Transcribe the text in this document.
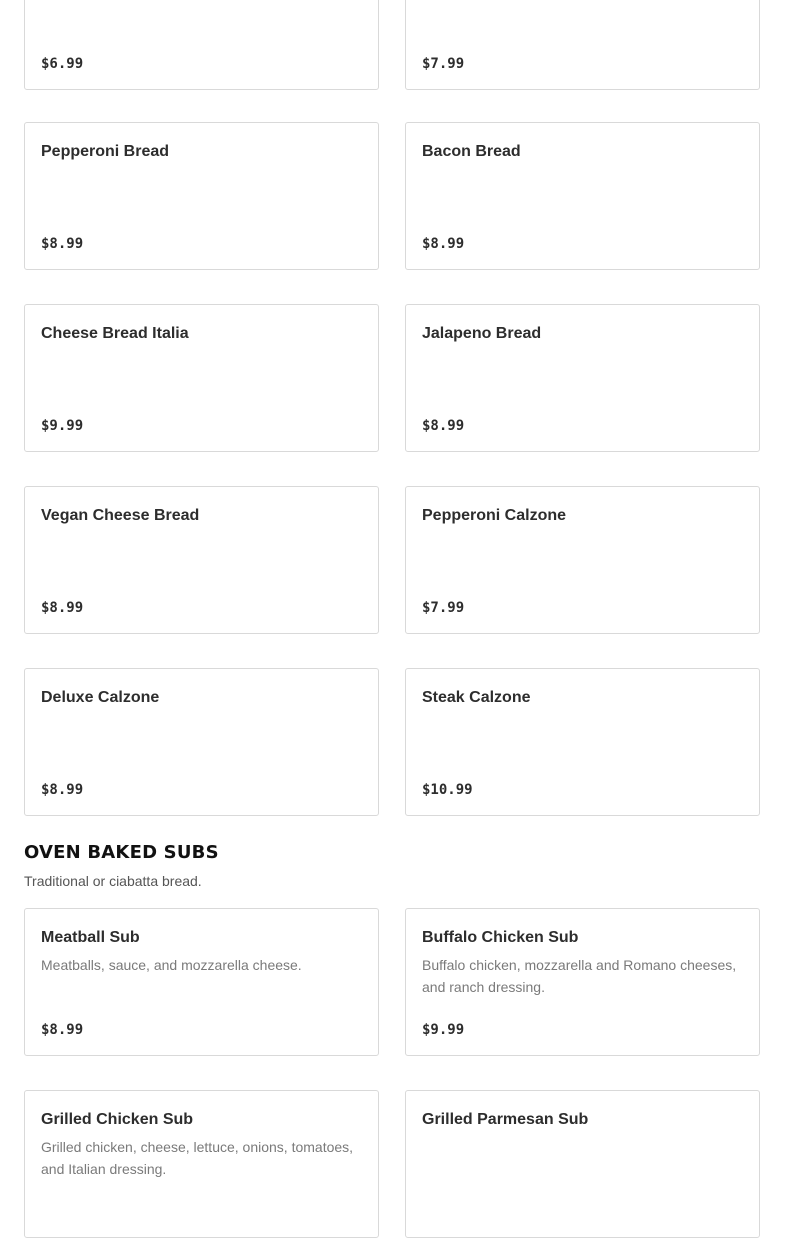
$6.99	$7.99
Pepperoni Bread
$8.99
Bacon Bread
$8.99
Cheese Bread Italia
$9.99
Jalapeno Bread
$8.99
Vegan Cheese Bread
$8.99
Pepperoni Calzone
$7.99
Deluxe Calzone
$8.99
Steak Calzone
$10.99
OVEN BAKED SUBS
Traditional or ciabatta bread.
Meatball Sub
Meatballs, sauce, and mozzarella cheese.
$8.99
Buffalo Chicken Sub
Buffalo chicken, mozzarella and Romano cheeses, and ranch dressing.
$9.99
Grilled Chicken Sub
Grilled chicken, cheese, lettuce, onions, tomatoes, and Italian dressing.
Grilled Parmesan Sub
